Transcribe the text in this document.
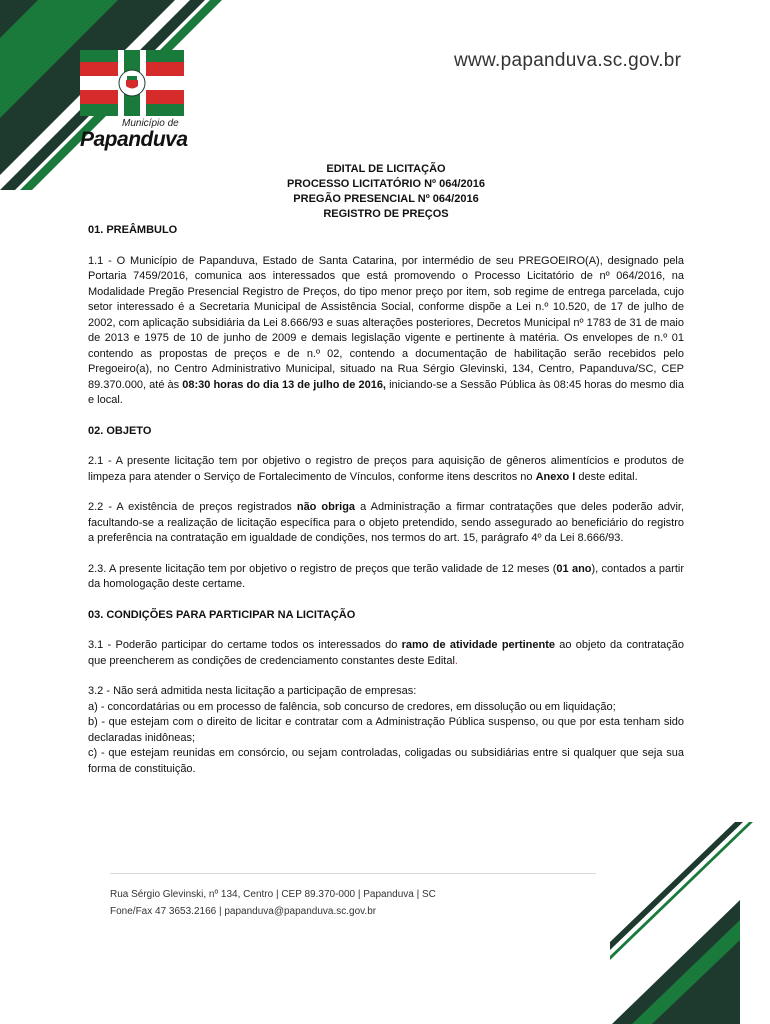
Município de
Papanduva
www.papanduva.sc.gov.br
EDITAL DE LICITAÇÃO
PROCESSO LICITATÓRIO Nº 064/2016
PREGÃO PRESENCIAL Nº 064/2016
REGISTRO DE PREÇOS

01. PREÂMBULO

1.1 - O Município de Papanduva, Estado de Santa Catarina, por intermédio de seu PREGOEIRO(A), designado pela Portaria 7459/2016, comunica aos interessados que está promovendo o Processo Licitatório de nº 064/2016, na Modalidade Pregão Presencial Registro de Preços, do tipo menor preço por item, sob regime de entrega parcelada, cujo setor interessado é a Secretaria Municipal de Assistência Social, conforme dispõe a Lei n.º 10.520, de 17 de julho de 2002, com aplicação subsidiária da Lei 8.666/93 e suas alterações posteriores, Decretos Municipal nº 1783 de 31 de maio de 2013 e 1975 de 10 de junho de 2009 e demais legislação vigente e pertinente à matéria. Os envelopes de n.º 01 contendo as propostas de preços e de n.º 02, contendo a documentação de habilitação serão recebidos pelo Pregoeiro(a), no Centro Administrativo Municipal, situado na Rua Sérgio Glevinski, 134, Centro, Papanduva/SC, CEP 89.370.000, até às 08:30 horas do dia 13 de julho de 2016, iniciando-se a Sessão Pública às 08:45 horas do mesmo dia e local.

02. OBJETO

2.1 - A presente licitação tem por objetivo o registro de preços para aquisição de gêneros alimentícios e produtos de limpeza para atender o Serviço de Fortalecimento de Vínculos, conforme itens descritos no Anexo I deste edital.

2.2 - A existência de preços registrados não obriga a Administração a firmar contratações que deles poderão advir, facultando-se a realização de licitação específica para o objeto pretendido, sendo assegurado ao beneficiário do registro a preferência na contratação em igualdade de condições, nos termos do art. 15, parágrafo 4º da Lei 8.666/93.

2.3. A presente licitação tem por objetivo o registro de preços que terão validade de 12 meses (01 ano), contados a partir da homologação deste certame.

03. CONDIÇÕES PARA PARTICIPAR NA LICITAÇÃO

3.1 - Poderão participar do certame todos os interessados do ramo de atividade pertinente ao objeto da contratação que preencherem as condições de credenciamento constantes deste Edital.

3.2 - Não será admitida nesta licitação a participação de empresas:

a) - concordatárias ou em processo de falência, sob concurso de credores, em dissolução ou em liquidação;

b) - que estejam com o direito de licitar e contratar com a Administração Pública suspenso, ou que por esta tenham sido declaradas inidôneas;

c) - que estejam reunidas em consórcio, ou sejam controladas, coligadas ou subsidiárias entre si qualquer que seja sua forma de constituição.

Rua Sérgio Glevinski, nº 134, Centro | CEP 89.370-000 | Papanduva | SC
Fone/Fax 47 3653.2166 | papanduva@papanduva.sc.gov.br
